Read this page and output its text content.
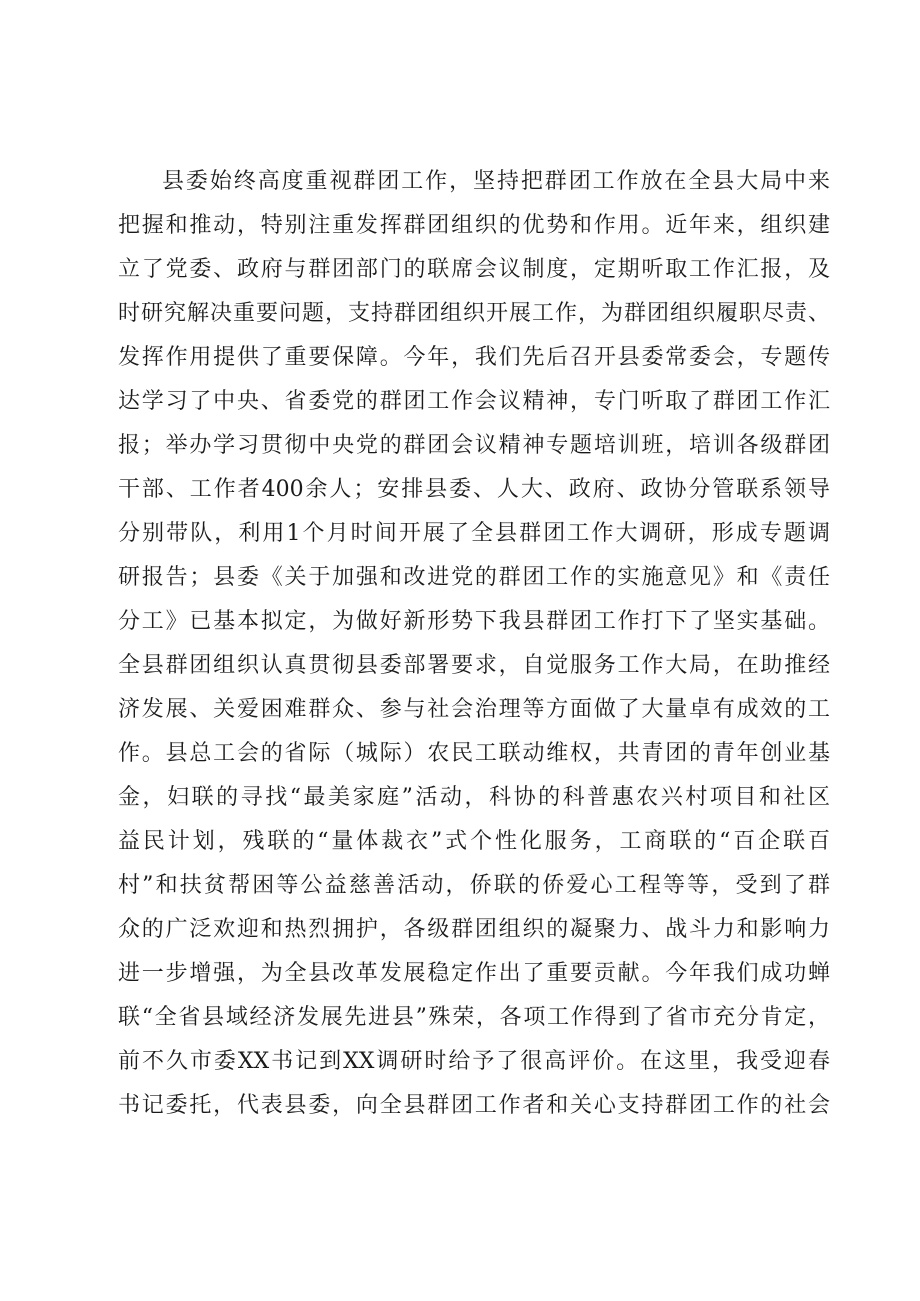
县委始终高度重视群团工作，坚持把群团工作放在全县大局中来
把握和推动，特别注重发挥群团组织的优势和作用。近年来，组织建
立了党委、政府与群团部门的联席会议制度，定期听取工作汇报，及
时研究解决重要问题，支持群团组织开展工作，为群团组织履职尽责、
发挥作用提供了重要保障。今年，我们先后召开县委常委会，专题传
达学习了中央、省委党的群团工作会议精神，专门听取了群团工作汇
报；举办学习贯彻中央党的群团会议精神专题培训班，培训各级群团
干部、工作者400余人；安排县委、人大、政府、政协分管联系领导
分别带队，利用1个月时间开展了全县群团工作大调研，形成专题调
研报告；县委《关于加强和改进党的群团工作的实施意见》和《责任
分工》已基本拟定，为做好新形势下我县群团工作打下了坚实基础。
全县群团组织认真贯彻县委部署要求，自觉服务工作大局，在助推经
济发展、关爱困难群众、参与社会治理等方面做了大量卓有成效的工
作。县总工会的省际（城际）农民工联动维权，共青团的青年创业基
金，妇联的寻找“最美家庭”活动，科协的科普惠农兴村项目和社区
益民计划，残联的“量体裁衣”式个性化服务，工商联的“百企联百
村”和扶贫帮困等公益慈善活动，侨联的侨爱心工程等等，受到了群
众的广泛欢迎和热烈拥护，各级群团组织的凝聚力、战斗力和影响力
进一步增强，为全县改革发展稳定作出了重要贡献。今年我们成功蝉
联“全省县域经济发展先进县”殊荣，各项工作得到了省市充分肯定，
前不久市委XX书记到XX调研时给予了很高评价。在这里，我受迎春
书记委托，代表县委，向全县群团工作者和关心支持群团工作的社会
